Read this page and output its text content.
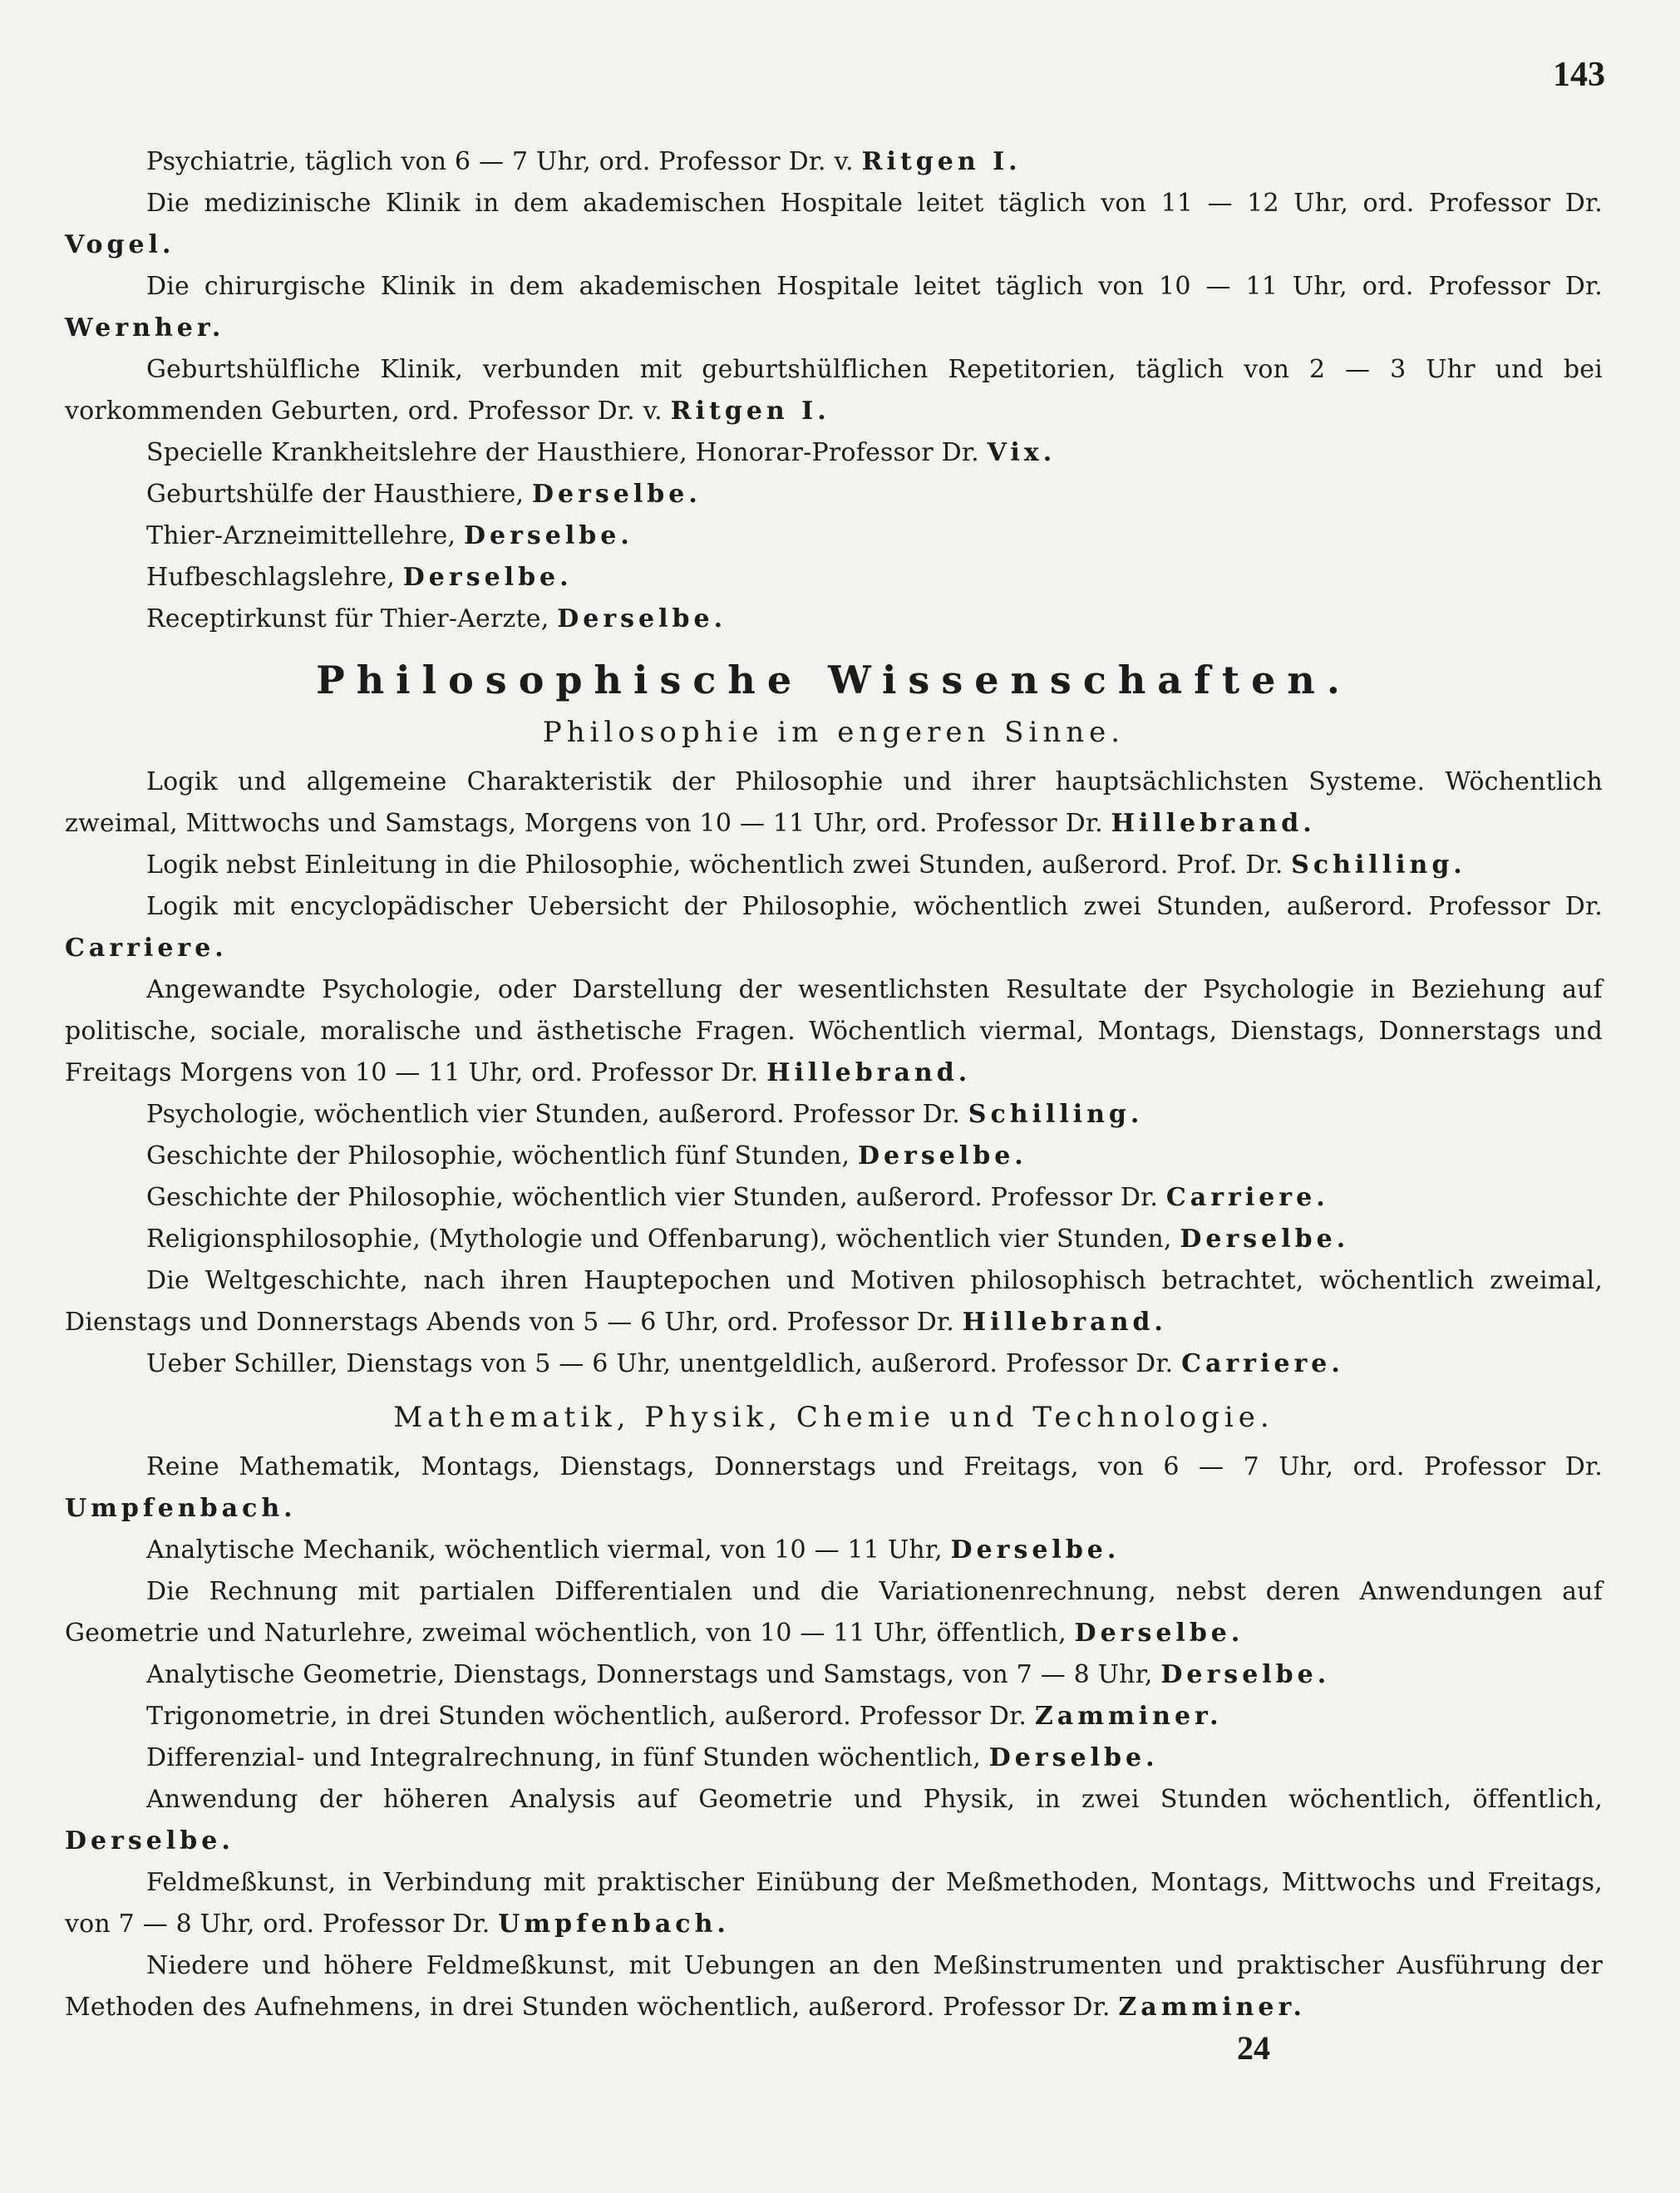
143

Psychiatrie, täglich von 6 — 7 Uhr, ord. Professor Dr. v. Ritgen I.

Die medizinische Klinik in dem akademischen Hospitale leitet täglich von 11 — 12 Uhr, ord. Professor Dr. Vogel.

Die chirurgische Klinik in dem akademischen Hospitale leitet täglich von 10 — 11 Uhr, ord. Professor Dr. Wernher.

Geburtshülfliche Klinik, verbunden mit geburtshülflichen Repetitorien, täglich von 2 — 3 Uhr und bei vorkommenden Geburten, ord. Professor Dr. v. Ritgen I.

Specielle Krankheitslehre der Hausthiere, Honorar-Professor Dr. Vix.

Geburtshülfe der Hausthiere, Derselbe.

Thier-Arzneimittellehre, Derselbe.

Hufbeschlagslehre, Derselbe.

Receptirkunst für Thier-Aerzte, Derselbe.

Philosophische Wissenschaften.
Philosophie im engeren Sinne.

Logik und allgemeine Charakteristik der Philosophie und ihrer hauptsächlichsten Systeme. Wöchentlich zweimal, Mittwochs und Samstags, Morgens von 10 — 11 Uhr, ord. Professor Dr. Hillebrand.

Logik nebst Einleitung in die Philosophie, wöchentlich zwei Stunden, außerord. Prof. Dr. Schilling.

Logik mit encyclopädischer Uebersicht der Philosophie, wöchentlich zwei Stunden, außerord. Professor Dr. Carriere.

Angewandte Psychologie, oder Darstellung der wesentlichsten Resultate der Psychologie in Beziehung auf politische, sociale, moralische und ästhetische Fragen. Wöchentlich viermal, Montags, Dienstags, Donnerstags und Freitags Morgens von 10 — 11 Uhr, ord. Professor Dr. Hillebrand.

Psychologie, wöchentlich vier Stunden, außerord. Professor Dr. Schilling.

Geschichte der Philosophie, wöchentlich fünf Stunden, Derselbe.

Geschichte der Philosophie, wöchentlich vier Stunden, außerord. Professor Dr. Carriere.

Religionsphilosophie, (Mythologie und Offenbarung), wöchentlich vier Stunden, Derselbe.

Die Weltgeschichte, nach ihren Hauptepochen und Motiven philosophisch betrachtet, wöchentlich zweimal, Dienstags und Donnerstags Abends von 5 — 6 Uhr, ord. Professor Dr. Hillebrand.

Ueber Schiller, Dienstags von 5 — 6 Uhr, unentgeldlich, außerord. Professor Dr. Carriere.

Mathematik, Physik, Chemie und Technologie.

Reine Mathematik, Montags, Dienstags, Donnerstags und Freitags, von 6 — 7 Uhr, ord. Professor Dr. Umpfenbach.

Analytische Mechanik, wöchentlich viermal, von 10 — 11 Uhr, Derselbe.

Die Rechnung mit partialen Differentialen und die Variationenrechnung, nebst deren Anwendungen auf Geometrie und Naturlehre, zweimal wöchentlich, von 10 — 11 Uhr, öffentlich, Derselbe.

Analytische Geometrie, Dienstags, Donnerstags und Samstags, von 7 — 8 Uhr, Derselbe.

Trigonometrie, in drei Stunden wöchentlich, außerord. Professor Dr. Zamminer.

Differenzial- und Integralrechnung, in fünf Stunden wöchentlich, Derselbe.

Anwendung der höheren Analysis auf Geometrie und Physik, in zwei Stunden wöchentlich, öffentlich, Derselbe.

Feldmeßkunst, in Verbindung mit praktischer Einübung der Meßmethoden, Montags, Mittwochs und Freitags, von 7 — 8 Uhr, ord. Professor Dr. Umpfenbach.

Niedere und höhere Feldmeßkunst, mit Uebungen an den Meßinstrumenten und praktischer Ausführung der Methoden des Aufnehmens, in drei Stunden wöchentlich, außerord. Professor Dr. Zamminer.

24
